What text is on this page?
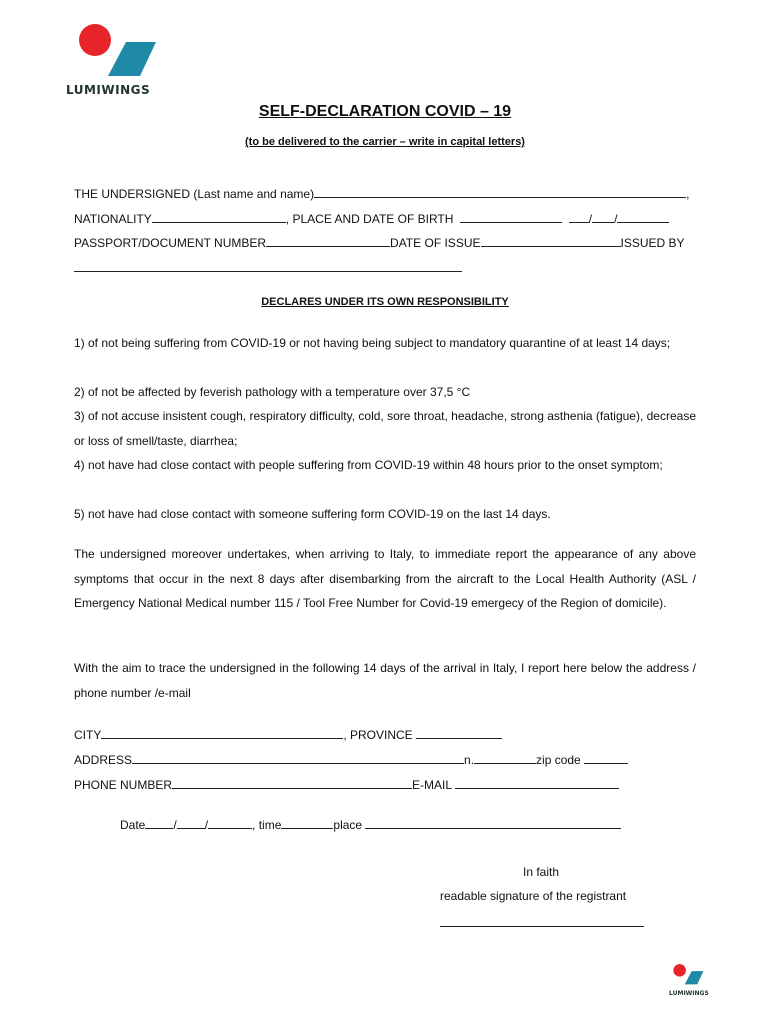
LUMIWINGS
SELF-DECLARATION COVID – 19
(to be delivered to the carrier – write in capital letters)
THE UNDERSIGNED (Last name and name)	,
NATIONALITY	, PLACE AND DATE OF BIRTH	/ /
PASSPORT/DOCUMENT NUMBER	DATE OF ISSUE	ISSUED BY
DECLARES UNDER ITS OWN RESPONSIBILITY
1) of not being suffering from COVID-19 or not having being subject to mandatory quarantine of at least 14 days;
2) of not be affected by feverish pathology with a temperature over 37,5 °C
3) of not accuse insistent cough, respiratory difficulty, cold, sore throat, headache, strong asthenia (fatigue), decrease or loss of smell/taste, diarrhea;
4) not have had close contact with people suffering from COVID-19 within 48 hours prior to the onset symptom;
5) not have had close contact with someone suffering form COVID-19 on the last 14 days.
The undersigned moreover undertakes, when arriving to Italy, to immediate report the appearance of any above symptoms that occur in the next 8 days after disembarking from the aircraft to the Local Health Authority (ASL / Emergency National Medical number 115 / Tool Free Number for Covid-19 emergecy of the Region of domicile).
With the aim to trace the undersigned in the following 14 days of the arrival in Italy, I report here below the address / phone number /e-mail
CITY	, PROVINCE
ADDRESS	n.	zip code
PHONE NUMBER	E-MAIL
Date / /	, time	place
In faith
readable signature of the registrant
LUMIWINGS
